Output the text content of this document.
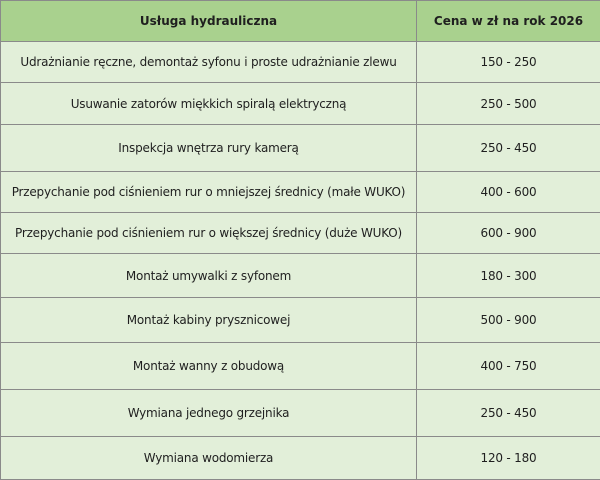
Usługa hydrauliczna	Cena w zł na rok 2026
Udrażnianie ręczne, demontaż syfonu i proste udrażnianie zlewu	150 - 250
Usuwanie zatorów miękkich spiralą elektryczną	250 - 500
Inspekcja wnętrza rury kamerą	250 - 450
Przepychanie pod ciśnieniem rur o mniejszej średnicy (małe WUKO)	400 - 600
Przepychanie pod ciśnieniem rur o większej średnicy (duże WUKO)	600 - 900
Montaż umywalki z syfonem	180 - 300
Montaż kabiny prysznicowej	500 - 900
Montaż wanny z obudową	400 - 750
Wymiana jednego grzejnika	250 - 450
Wymiana wodomierza	120 - 180
